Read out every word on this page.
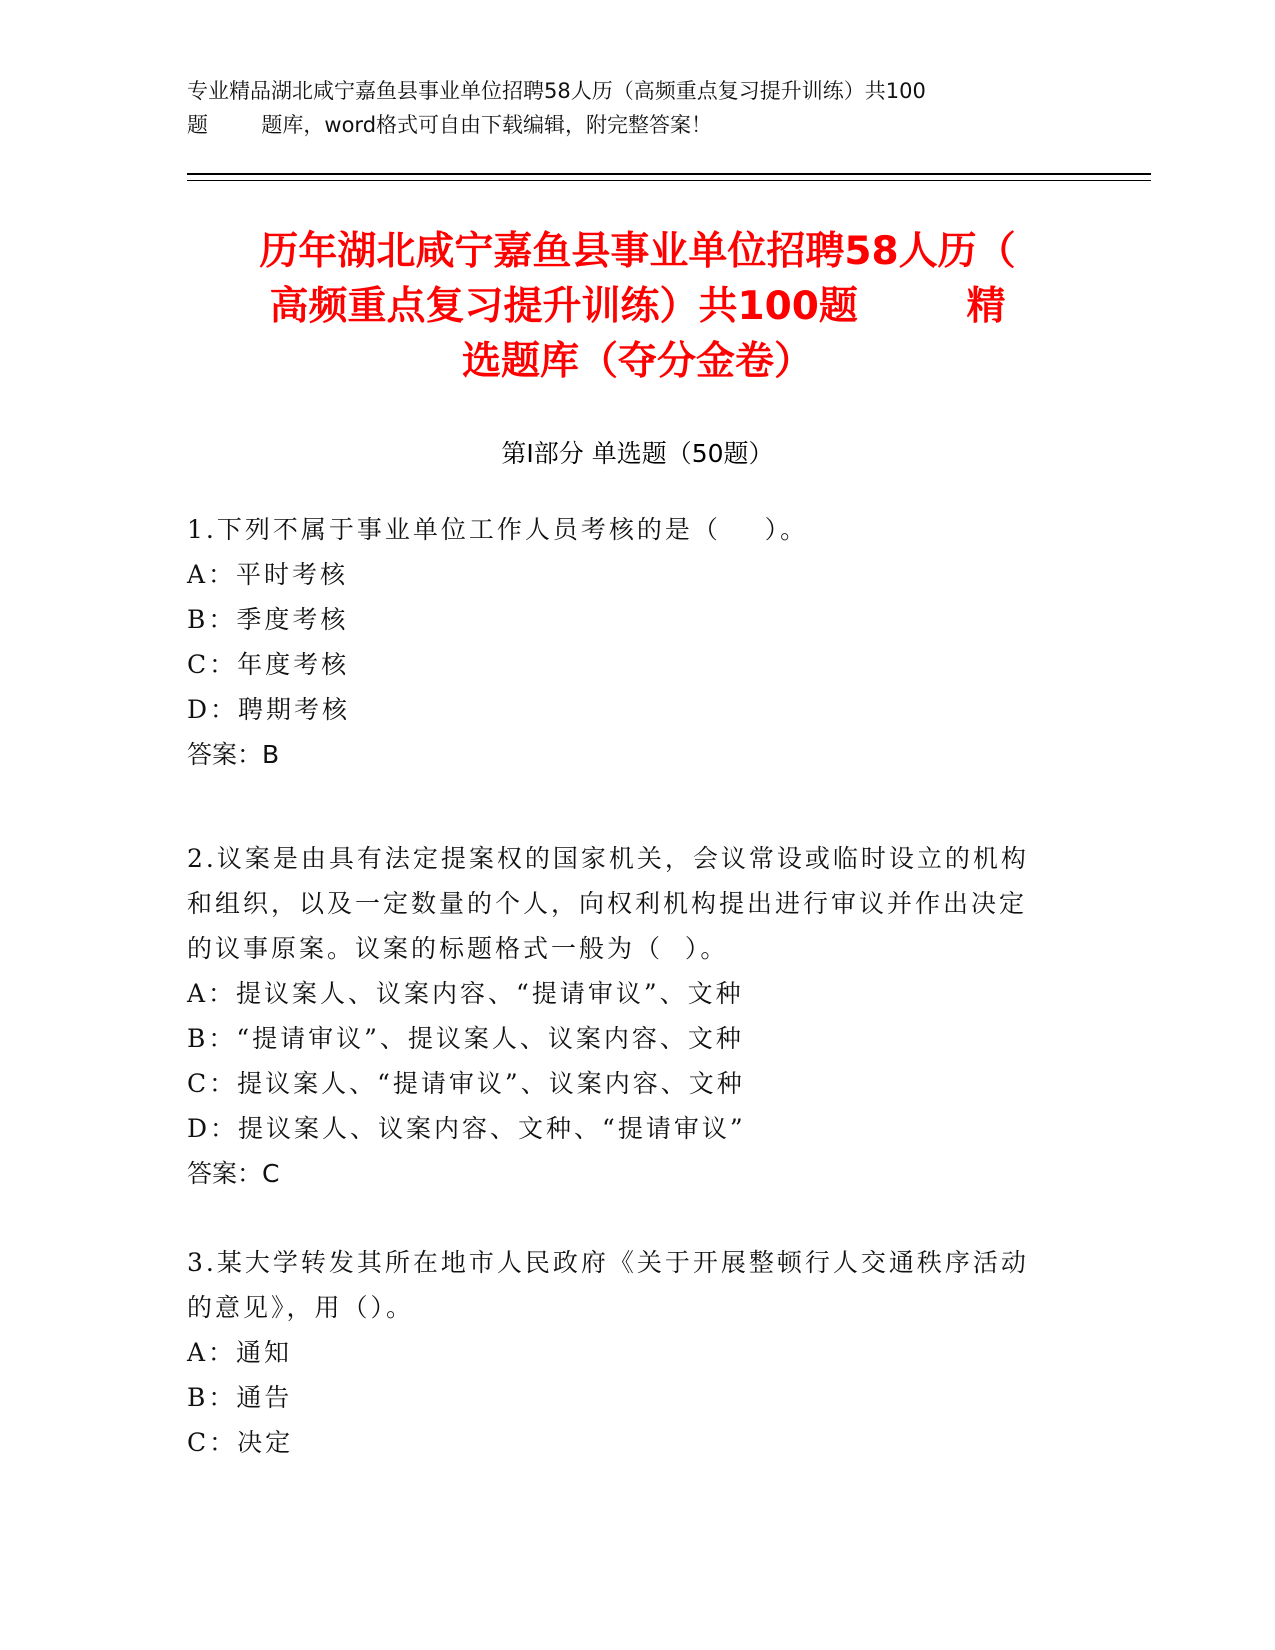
专业精品湖北咸宁嘉鱼县事业单位招聘58人历（高频重点复习提升训练）共100
题        题库，word格式可自由下载编辑，附完整答案！
历年湖北咸宁嘉鱼县事业单位招聘58人历（
高频重点复习提升训练）共100题        精
选题库（夺分金卷）
第Ⅰ部分 单选题（50题）
1.下列不属于事业单位工作人员考核的是（    ）。
A：平时考核
B：季度考核
C：年度考核
D：聘期考核
答案：B
2.议案是由具有法定提案权的国家机关，会议常设或临时设立的机构
和组织，以及一定数量的个人，向权利机构提出进行审议并作出决定
的议事原案。议案的标题格式一般为（  ）。
A：提议案人、议案内容、“提请审议”、文种
B：“提请审议”、提议案人、议案内容、文种
C：提议案人、“提请审议”、议案内容、文种
D：提议案人、议案内容、文种、“提请审议”
答案：C
3.某大学转发其所在地市人民政府《关于开展整顿行人交通秩序活动
的意见》，用（）。
A：通知
B：通告
C：决定
